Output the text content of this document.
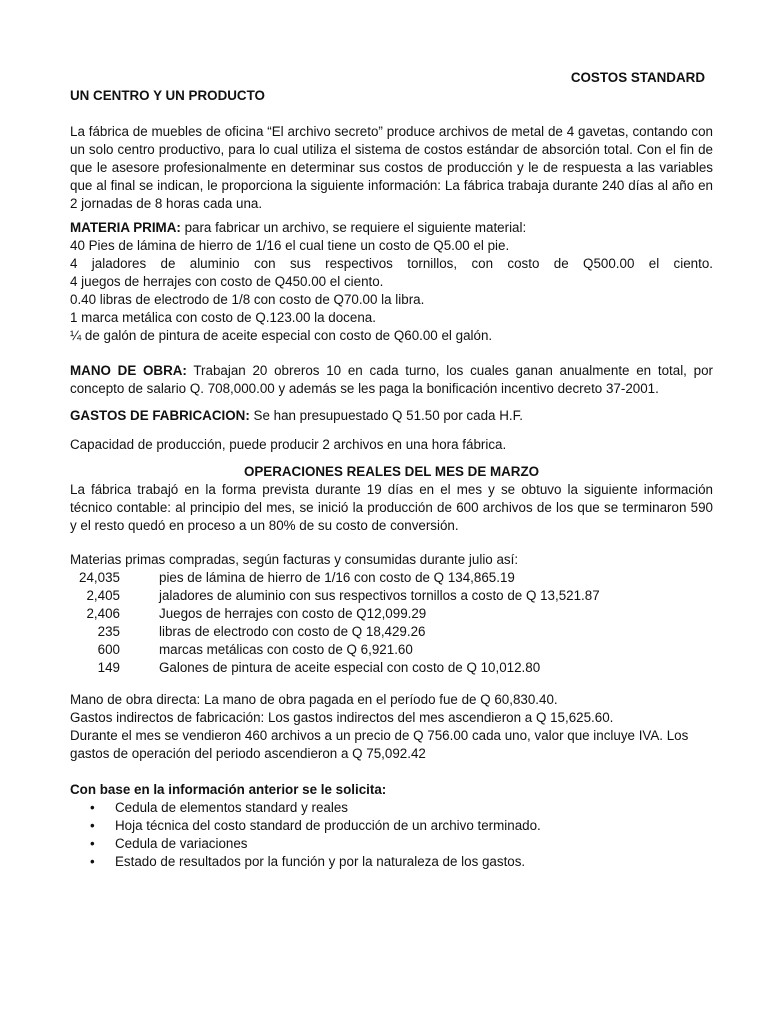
COSTOS STANDARD
UN CENTRO Y UN PRODUCTO

La fábrica de muebles de oficina “El archivo secreto” produce archivos de metal de 4 gavetas, contando con un solo centro productivo, para lo cual utiliza el sistema de costos estándar de absorción total. Con el fin de que le asesore profesionalmente en determinar sus costos de producción y le de respuesta a las variables que al final se indican, le proporciona la siguiente información: La fábrica trabaja durante 240 días al año en 2 jornadas de 8 horas cada una.

MATERIA PRIMA: para fabricar un archivo, se requiere el siguiente material:
40 Pies de lámina de hierro de 1/16 el cual tiene un costo de Q5.00 el pie.
4 jaladores de aluminio con sus respectivos tornillos, con costo de Q500.00 el ciento.
4 juegos de herrajes con costo de Q450.00 el ciento.
0.40 libras de electrodo de 1/8 con costo de Q70.00 la libra.
1 marca metálica con costo de Q.123.00 la docena.
¼ de galón de pintura de aceite especial con costo de Q60.00 el galón.

MANO DE OBRA: Trabajan 20 obreros 10 en cada turno, los cuales ganan anualmente en total, por concepto de salario Q. 708,000.00 y además se les paga la bonificación incentivo decreto 37-2001.

GASTOS DE FABRICACION: Se han presupuestado Q 51.50 por cada H.F.

Capacidad de producción, puede producir 2 archivos en una hora fábrica.

OPERACIONES REALES DEL MES DE MARZO

La fábrica trabajó en la forma prevista durante 19 días en el mes y se obtuvo la siguiente información técnico contable: al principio del mes, se inició la producción de 600 archivos de los que se terminaron 590 y el resto quedó en proceso a un 80% de su costo de conversión.

Materias primas compradas, según facturas y consumidas durante julio así:

24,035	pies de lámina de hierro de 1/16 con costo de Q 134,865.19
2,405	jaladores de aluminio con sus respectivos tornillos a costo de Q 13,521.87
2,406	Juegos de herrajes con costo de Q12,099.29
235	libras de electrodo con costo de Q 18,429.26
600	marcas metálicas con costo de Q 6,921.60
149	Galones de pintura de aceite especial con costo de Q 10,012.80
Mano de obra directa: La mano de obra pagada en el período fue de Q 60,830.40.
Gastos indirectos de fabricación: Los gastos indirectos del mes ascendieron a Q 15,625.60.
Durante el mes se vendieron 460 archivos a un precio de Q 756.00 cada uno, valor que incluye IVA. Los gastos de operación del periodo ascendieron a Q 75,092.42
Con base en la información anterior se le solicita:
• Cedula de elementos standard y reales
• Hoja técnica del costo standard de producción de un archivo terminado.
• Cedula de variaciones
• Estado de resultados por la función y por la naturaleza de los gastos.
